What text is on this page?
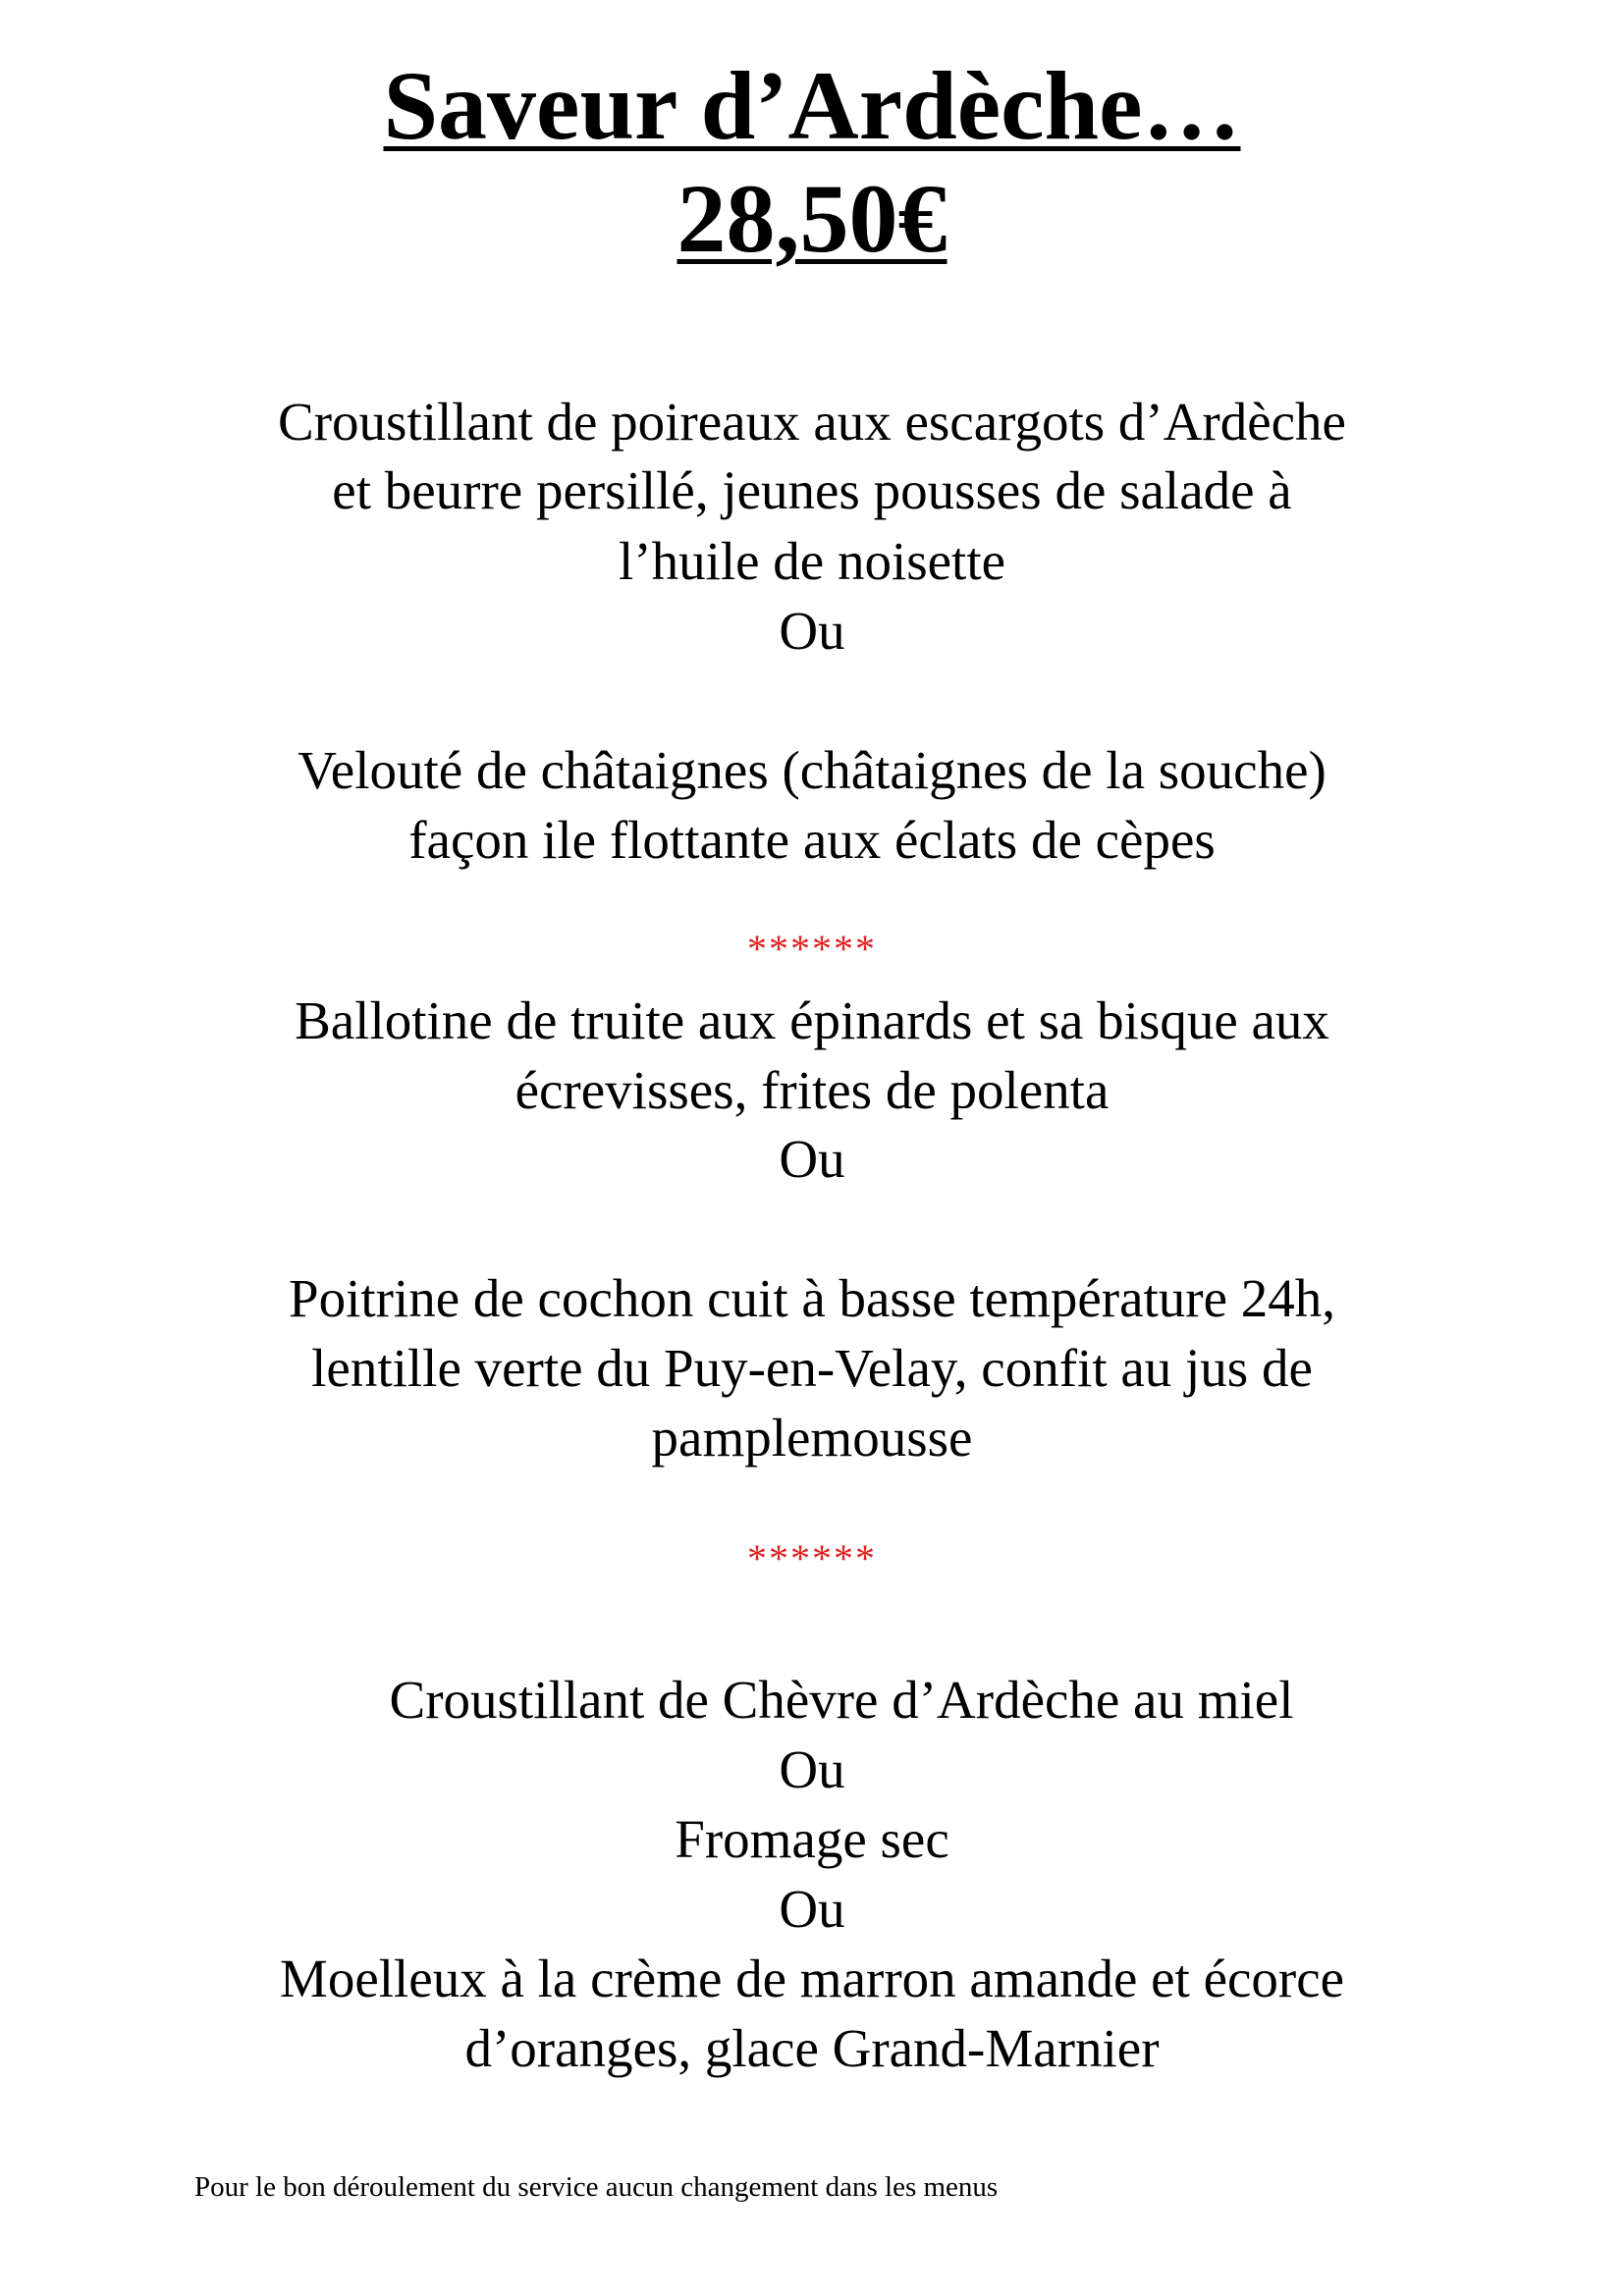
Saveur d’Ardèche…
28,50€
Croustillant de poireaux aux escargots d’Ardèche
et beurre persillé, jeunes pousses de salade à
l’huile de noisette
Ou
Velouté de châtaignes (châtaignes de la souche)
façon ile flottante aux éclats de cèpes
******
Ballotine de truite aux épinards et sa bisque aux
écrevisses, frites de polenta
Ou
Poitrine de cochon cuit à basse température 24h,
lentille verte du Puy-en-Velay, confit au jus de
pamplemousse
******
Croustillant de Chèvre d’Ardèche au miel
Ou
Fromage sec
Ou
Moelleux à la crème de marron amande et écorce
d’oranges, glace Grand-Marnier
Pour le bon déroulement du service aucun changement dans les menus
